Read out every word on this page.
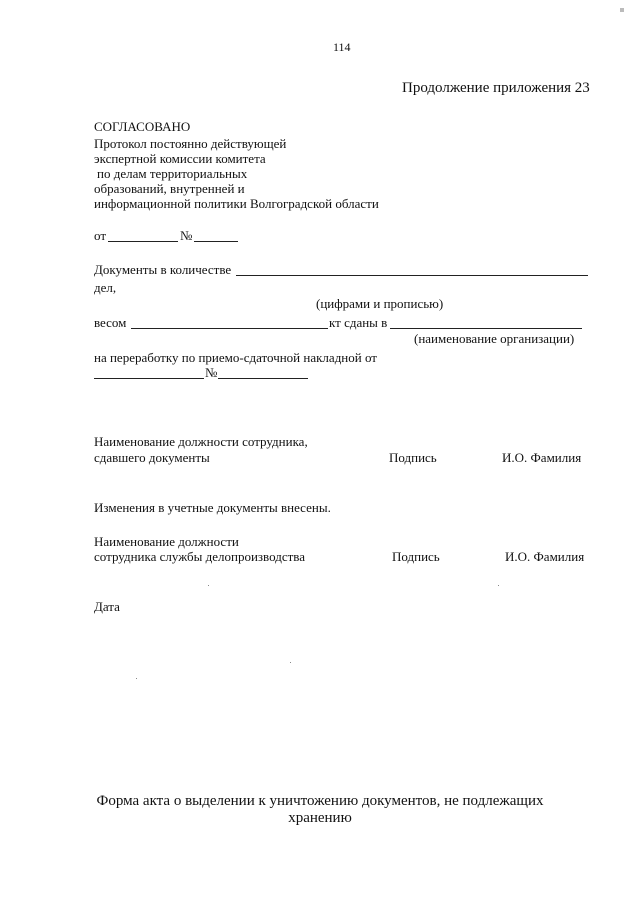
114
Продолжение приложения 23
СОГЛАСОВАНО
Протокол постоянно действующей
экспертной комиссии комитета
по делам территориальных
образований, внутренней и
информационной политики Волгоградской области
от	№
Документы в количестве
дел,
(цифрами и прописью)
весом	кт сданы в
(наименование организации)
на переработку по приемо-сдаточной накладной от
№
Наименование должности сотрудника,
сдавшего документы	Подпись	И.О. Фамилия
Изменения в учетные документы внесены.
Наименование должности
сотрудника службы делопроизводства	Подпись	И.О. Фамилия
Дата
Форма акта о выделении к уничтожению документов, не подлежащих
хранению
